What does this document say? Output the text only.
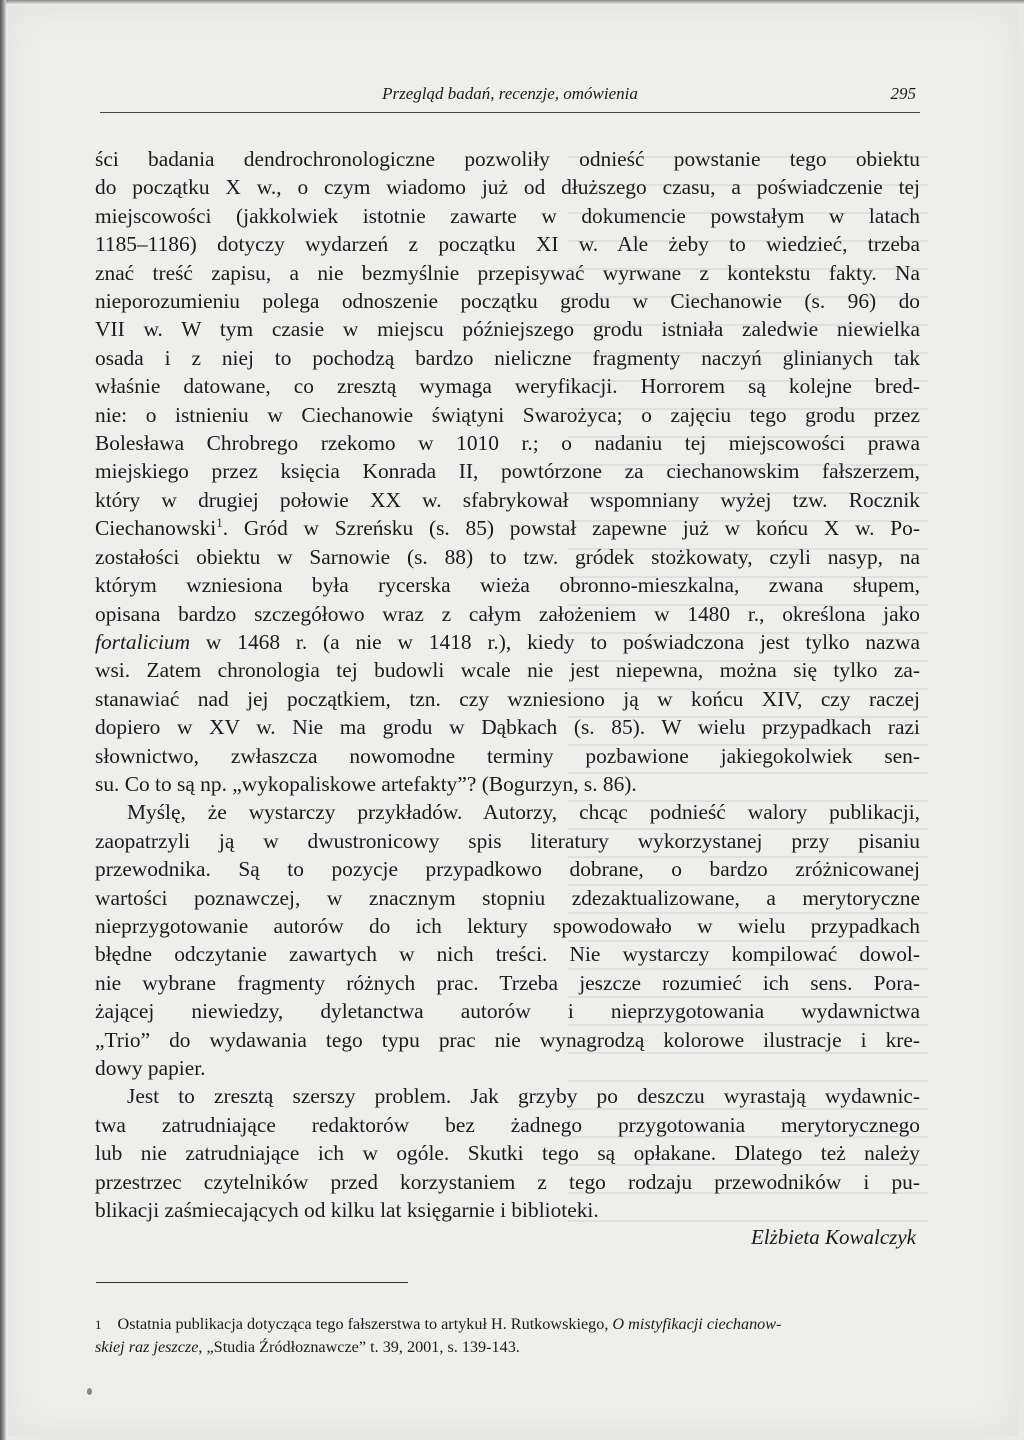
Przegląd badań, recenzje, omówienia	295
ści badania dendrochronologiczne pozwoliły odnieść powstanie tego obiektu
do początku X w., o czym wiadomo już od dłuższego czasu, a poświadczenie tej
miejscowości (jakkolwiek istotnie zawarte w dokumencie powstałym w latach
1185–1186) dotyczy wydarzeń z początku XI w. Ale żeby to wiedzieć, trzeba
znać treść zapisu, a nie bezmyślnie przepisywać wyrwane z kontekstu fakty. Na
nieporozumieniu polega odnoszenie początku grodu w Ciechanowie (s. 96) do
VII w. W tym czasie w miejscu późniejszego grodu istniała zaledwie niewielka
osada i z niej to pochodzą bardzo nieliczne fragmenty naczyń glinianych tak
właśnie datowane, co zresztą wymaga weryfikacji. Horrorem są kolejne bred-
nie: o istnieniu w Ciechanowie świątyni Swarożyca; o zajęciu tego grodu przez
Bolesława Chrobrego rzekomo w 1010 r.; o nadaniu tej miejscowości prawa
miejskiego przez księcia Konrada II, powtórzone za ciechanowskim fałszerzem,
który w drugiej połowie XX w. sfabrykował wspomniany wyżej tzw. Rocznik
Ciechanowski$^1$. Gród w Szreńsku (s. 85) powstał zapewne już w końcu X w. Po-
zostałości obiektu w Sarnowie (s. 88) to tzw. gródek stożkowaty, czyli nasyp, na
którym wzniesiona była rycerska wieża obronno-mieszkalna, zwana słupem,
opisana bardzo szczegółowo wraz z całym założeniem w 1480 r., określona jako
fortalicium w 1468 r. (a nie w 1418 r.), kiedy to poświadczona jest tylko nazwa
wsi. Zatem chronologia tej budowli wcale nie jest niepewna, można się tylko za-
stanawiać nad jej początkiem, tzn. czy wzniesiono ją w końcu XIV, czy raczej
dopiero w XV w. Nie ma grodu w Dąbkach (s. 85). W wielu przypadkach razi
słownictwo, zwłaszcza nowomodne terminy pozbawione jakiegokolwiek sen-
su. Co to są np. „wykopaliskowe artefakty”? (Bogurzyn, s. 86).
Myślę, że wystarczy przykładów. Autorzy, chcąc podnieść walory publikacji,
zaopatrzyli ją w dwustronicowy spis literatury wykorzystanej przy pisaniu
przewodnika. Są to pozycje przypadkowo dobrane, o bardzo zróżnicowanej
wartości poznawczej, w znacznym stopniu zdezaktualizowane, a merytoryczne
nieprzygotowanie autorów do ich lektury spowodowało w wielu przypadkach
błędne odczytanie zawartych w nich treści. Nie wystarczy kompilować dowol-
nie wybrane fragmenty różnych prac. Trzeba jeszcze rozumieć ich sens. Pora-
żającej niewiedzy, dyletanctwa autorów i nieprzygotowania wydawnictwa
„Trio” do wydawania tego typu prac nie wynagrodzą kolorowe ilustracje i kre-
dowy papier.
Jest to zresztą szerszy problem. Jak grzyby po deszczu wyrastają wydawnic-
twa zatrudniające redaktorów bez żadnego przygotowania merytorycznego
lub nie zatrudniające ich w ogóle. Skutki tego są opłakane. Dlatego też należy
przestrzec czytelników przed korzystaniem z tego rodzaju przewodników i pu-
blikacji zaśmiecających od kilku lat księgarnie i biblioteki.
Elżbieta Kowalczyk
1 Ostatnia publikacja dotycząca tego fałszerstwa to artykuł H. Rutkowskiego, O mistyfikacji ciechanow-
skiej raz jeszcze, „Studia Źródłoznawcze” t. 39, 2001, s. 139-143.
